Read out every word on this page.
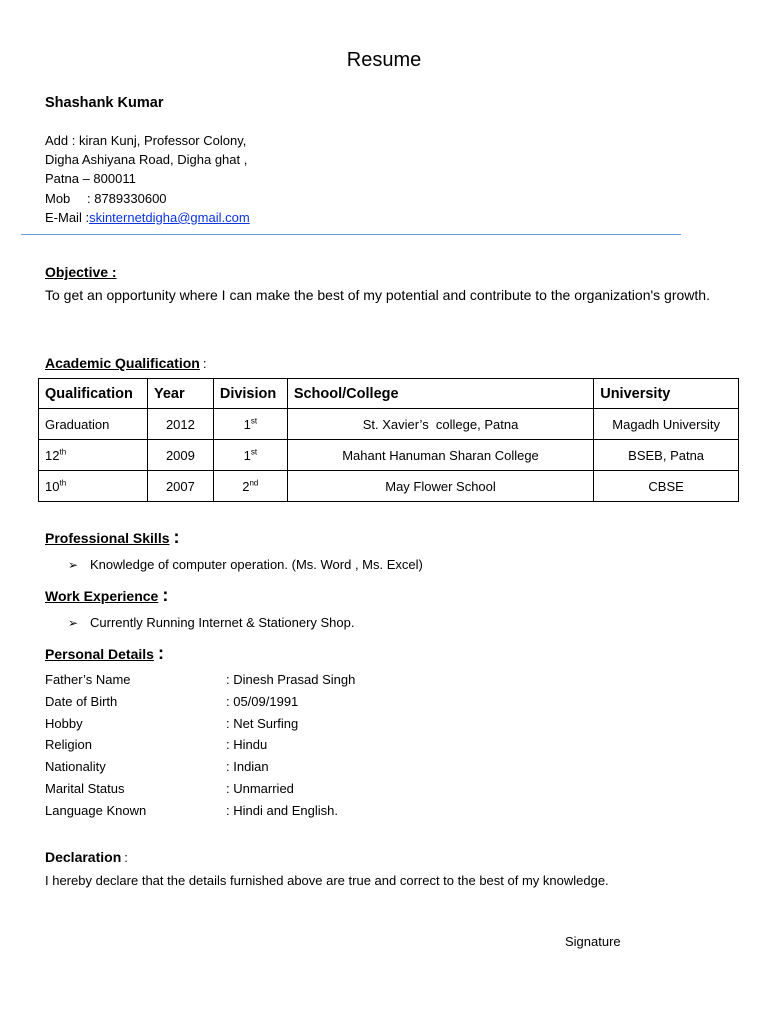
Resume
Shashank Kumar
Add : kiran Kunj, Professor Colony,
Digha Ashiyana Road, Digha ghat ,
Patna – 800011
Mob : 8789330600
E-Mail :skinternetdigha@gmail.com
Objective :
To get an opportunity where I can make the best of my potential and contribute to the organization's growth.
Academic Qualification :
Qualification	Year	Division	School/College	University
Graduation	2012	1st	St. Xavier’s  college, Patna	Magadh University
12th	2009	1st	Mahant Hanuman Sharan College	BSEB, Patna
10th	2007	2nd	May Flower School	CBSE
Professional Skills :
➢ Knowledge of computer operation. (Ms. Word , Ms. Excel)
Work Experience :
➢ Currently Running Internet & Stationery Shop.
Personal Details :
Father’s Name	: Dinesh Prasad Singh
Date of Birth	: 05/09/1991
Hobby	: Net Surfing
Religion	: Hindu
Nationality	: Indian
Marital Status	: Unmarried
Language Known	: Hindi and English.
Declaration :
I hereby declare that the details furnished above are true and correct to the best of my knowledge.
Signature
